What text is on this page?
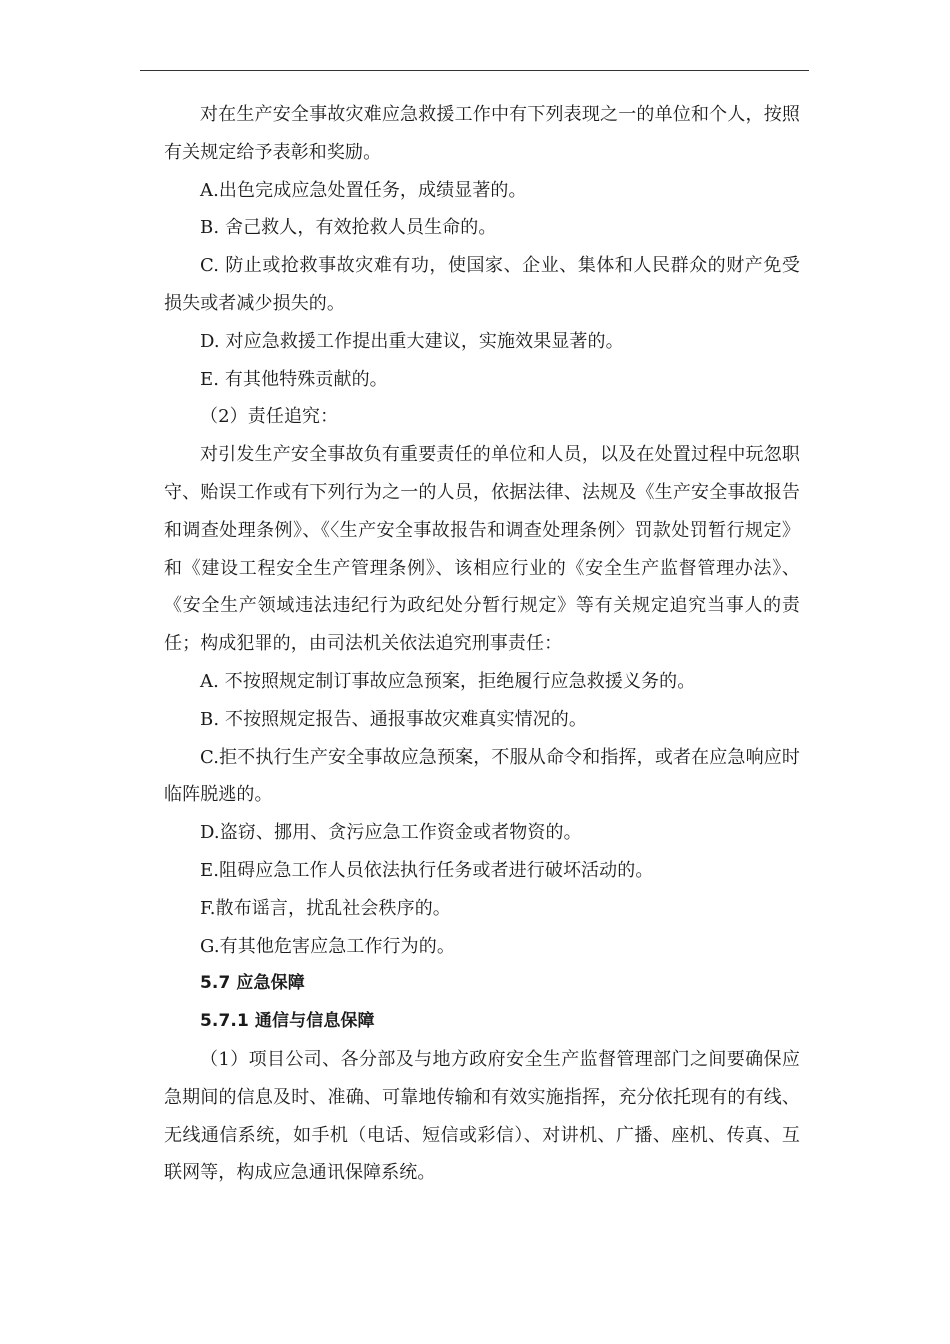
对在生产安全事故灾难应急救援工作中有下列表现之一的单位和个人，按照有关规定给予表彰和奖励。

A.出色完成应急处置任务，成绩显著的。

B. 舍己救人，有效抢救人员生命的。

C. 防止或抢救事故灾难有功，使国家、企业、集体和人民群众的财产免受损失或者减少损失的。

D. 对应急救援工作提出重大建议，实施效果显著的。

E. 有其他特殊贡献的。

（2）责任追究：

对引发生产安全事故负有重要责任的单位和人员，以及在处置过程中玩忽职守、贻误工作或有下列行为之一的人员，依据法律、法规及《生产安全事故报告和调查处理条例》、《〈生产安全事故报告和调查处理条例〉罚款处罚暂行规定》和《建设工程安全生产管理条例》、该相应行业的《安全生产监督管理办法》、《安全生产领域违法违纪行为政纪处分暂行规定》等有关规定追究当事人的责任；构成犯罪的，由司法机关依法追究刑事责任：

A. 不按照规定制订事故应急预案，拒绝履行应急救援义务的。

B. 不按照规定报告、通报事故灾难真实情况的。

C.拒不执行生产安全事故应急预案，不服从命令和指挥，或者在应急响应时临阵脱逃的。

D.盗窃、挪用、贪污应急工作资金或者物资的。

E.阻碍应急工作人员依法执行任务或者进行破坏活动的。

F.散布谣言，扰乱社会秩序的。

G.有其他危害应急工作行为的。

5.7 应急保障

5.7.1 通信与信息保障

（1）项目公司、各分部及与地方政府安全生产监督管理部门之间要确保应急期间的信息及时、准确、可靠地传输和有效实施指挥，充分依托现有的有线、无线通信系统，如手机（电话、短信或彩信）、对讲机、广播、座机、传真、互联网等，构成应急通讯保障系统。
